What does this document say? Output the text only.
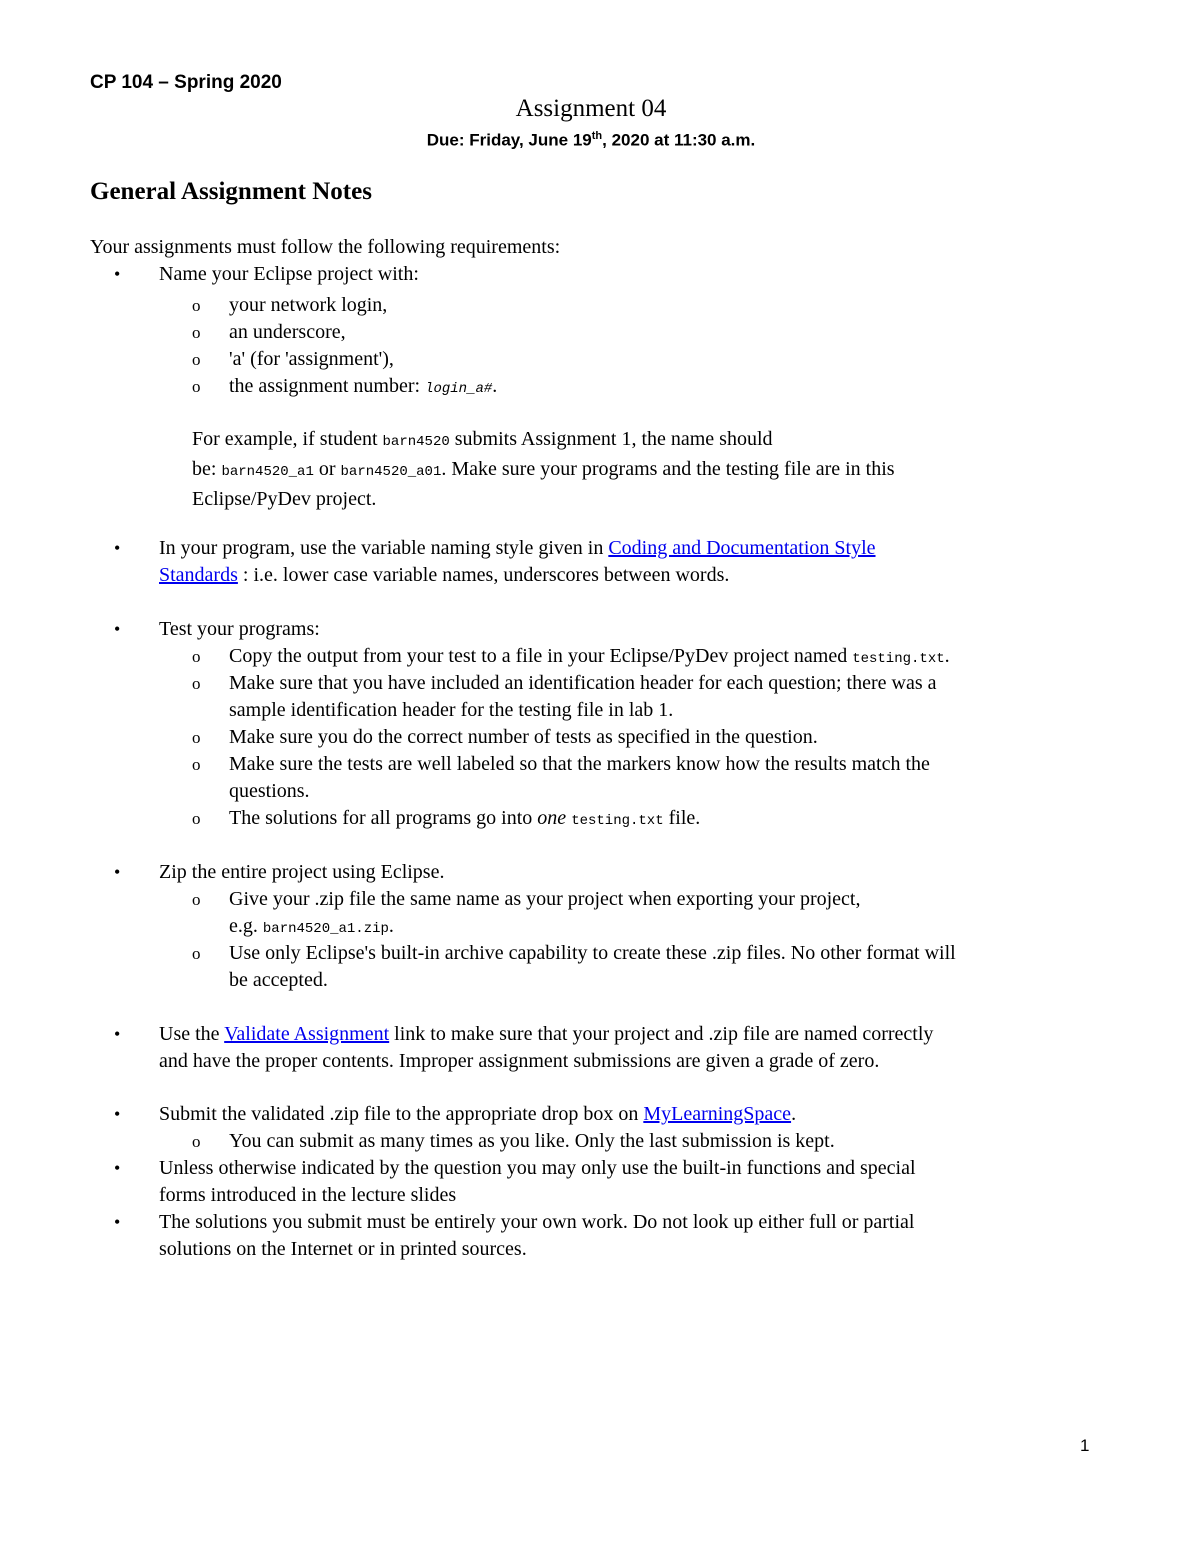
CP 104 – Spring 2020
Assignment 04
Due: Friday, June 19th, 2020 at 11:30 a.m.
General Assignment Notes
Your assignments must follow the following requirements:
• Name your Eclipse project with:
o your network login,
o an underscore,
o 'a' (for 'assignment'),
o the assignment number: login_a#.
For example, if student barn4520 submits Assignment 1, the name should
be: barn4520_a1 or barn4520_a01. Make sure your programs and the testing file are in this
Eclipse/PyDev project.
• In your program, use the variable naming style given in Coding and Documentation Style
Standards : i.e. lower case variable names, underscores between words.
• Test your programs:
o Copy the output from your test to a file in your Eclipse/PyDev project named testing.txt.
o Make sure that you have included an identification header for each question; there was a
sample identification header for the testing file in lab 1.
o Make sure you do the correct number of tests as specified in the question.
o Make sure the tests are well labeled so that the markers know how the results match the
questions.
o The solutions for all programs go into one testing.txt file.
• Zip the entire project using Eclipse.
o Give your .zip file the same name as your project when exporting your project,
e.g. barn4520_a1.zip.
o Use only Eclipse's built-in archive capability to create these .zip files. No other format will
be accepted.
• Use the Validate Assignment link to make sure that your project and .zip file are named correctly
and have the proper contents. Improper assignment submissions are given a grade of zero.
• Submit the validated .zip file to the appropriate drop box on MyLearningSpace.
o You can submit as many times as you like. Only the last submission is kept.
• Unless otherwise indicated by the question you may only use the built-in functions and special
forms introduced in the lecture slides
• The solutions you submit must be entirely your own work. Do not look up either full or partial
solutions on the Internet or in printed sources.
1
